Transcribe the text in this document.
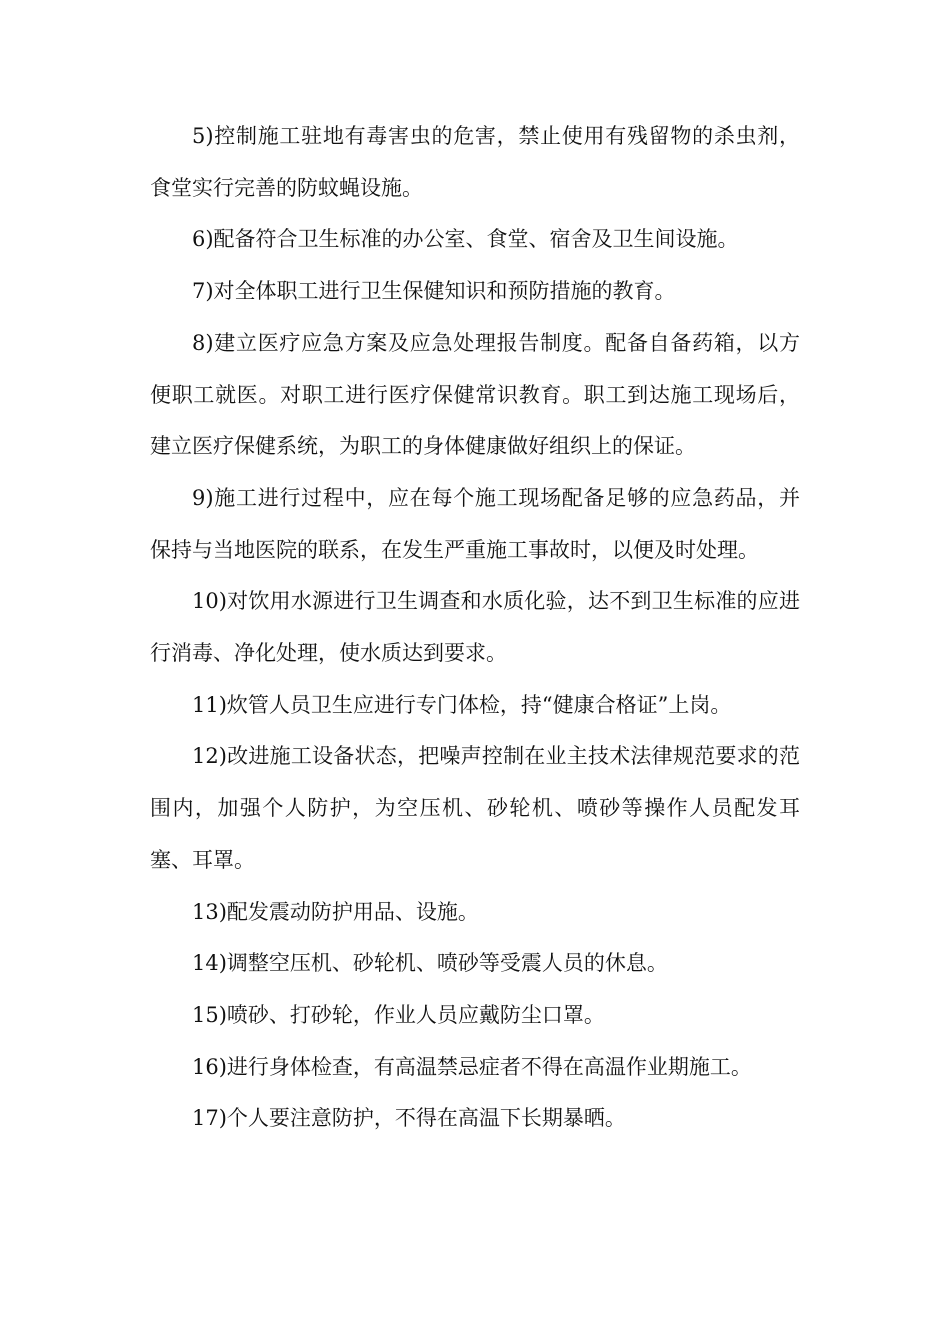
5)控制施工驻地有毒害虫的危害，禁止使用有残留物的杀虫剂，食堂实行完善的防蚊蝇设施。

6)配备符合卫生标准的办公室、食堂、宿舍及卫生间设施。

7)对全体职工进行卫生保健知识和预防措施的教育。

8)建立医疗应急方案及应急处理报告制度。配备自备药箱，以方便职工就医。对职工进行医疗保健常识教育。职工到达施工现场后，建立医疗保健系统，为职工的身体健康做好组织上的保证。

9)施工进行过程中，应在每个施工现场配备足够的应急药品，并保持与当地医院的联系，在发生严重施工事故时，以便及时处理。

10)对饮用水源进行卫生调查和水质化验，达不到卫生标准的应进行消毒、净化处理，使水质达到要求。

11)炊管人员卫生应进行专门体检，持“健康合格证”上岗。

12)改进施工设备状态，把噪声控制在业主技术法律规范要求的范围内，加强个人防护，为空压机、砂轮机、喷砂等操作人员配发耳塞、耳罩。

13)配发震动防护用品、设施。

14)调整空压机、砂轮机、喷砂等受震人员的休息。

15)喷砂、打砂轮，作业人员应戴防尘口罩。

16)进行身体检查，有高温禁忌症者不得在高温作业期施工。

17)个人要注意防护，不得在高温下长期暴晒。
